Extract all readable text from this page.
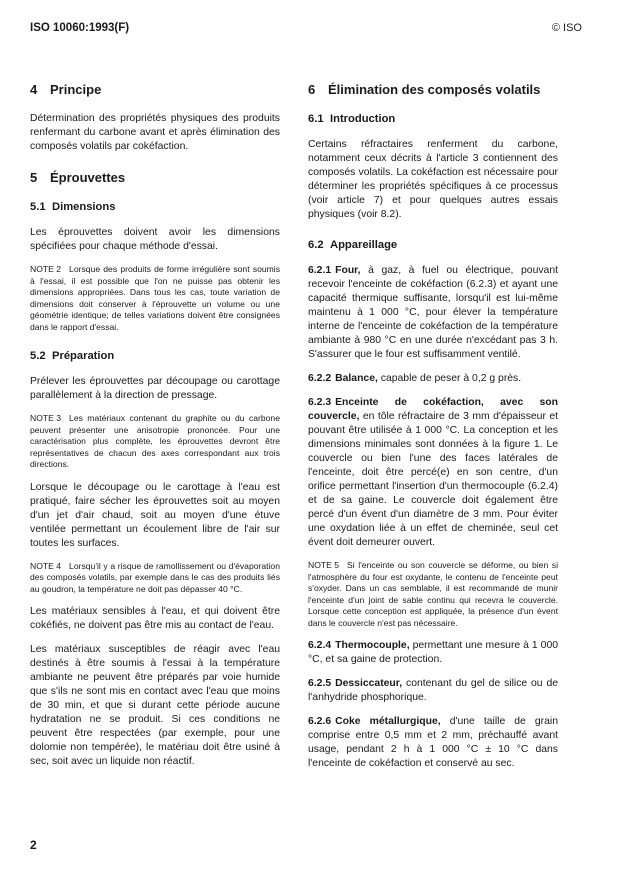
ISO 10060:1993(F)	© ISO
4 Principe

Détermination des propriétés physiques des produits renfermant du carbone avant et après élimination des composés volatils par cokéfaction.

5 Éprouvettes
5.1 Dimensions

Les éprouvettes doivent avoir les dimensions spécifiées pour chaque méthode d'essai.

NOTE 2 Lorsque des produits de forme irrégulière sont soumis à l'essai, il est possible que l'on ne puisse pas obtenir les dimensions appropriées. Dans tous les cas, toute variation de dimensions doit conserver à l'éprouvette un volume ou une géométrie identique; de telles variations doivent être consignées dans le rapport d'essai.
5.2 Préparation

Prélever les éprouvettes par découpage ou carottage parallèlement à la direction de pressage.

NOTE 3 Les matériaux contenant du graphite ou du carbone peuvent présenter une anisotropie prononcée. Pour une caractérisation plus complète, les éprouvettes devront être représentatives de chacun des axes correspondant aux trois directions.

Lorsque le découpage ou le carottage à l'eau est pratiqué, faire sécher les éprouvettes soit au moyen d'un jet d'air chaud, soit au moyen d'une étuve ventilée permettant un écoulement libre de l'air sur toutes les surfaces.

NOTE 4 Lorsqu'il y a risque de ramollissement ou d'évaporation des composés volatils, par exemple dans le cas des produits liés au goudron, la température ne doit pas dépasser 40 °C.

Les matériaux sensibles à l'eau, et qui doivent être cokéfiés, ne doivent pas être mis au contact de l'eau.

Les matériaux susceptibles de réagir avec l'eau destinés à être soumis à l'essai à la température ambiante ne peuvent être préparés par voie humide que s'ils ne sont mis en contact avec l'eau que moins de 30 min, et que si durant cette période aucune hydratation ne se produit. Si ces conditions ne peuvent être respectées (par exemple, pour une dolomie non tempérée), le matériau doit être usiné à sec, soit avec un liquide non réactif.

6 Élimination des composés volatils
6.1 Introduction

Certains réfractaires renferment du carbone, notamment ceux décrits à l'article 3 contiennent des composés volatils. La cokéfaction est nécessaire pour déterminer les propriétés spécifiques à ce processus (voir article 7) et pour quelques autres essais physiques (voir 8.2).

6.2 Appareillage

6.2.1 Four, à gaz, à fuel ou électrique, pouvant recevoir l'enceinte de cokéfaction (6.2.3) et ayant une capacité thermique suffisante, lorsqu'il est lui-même maintenu à 1 000 °C, pour élever la température interne de l'enceinte de cokéfaction de la température ambiante à 980 °C en une durée n'excédant pas 3 h. S'assurer que le four est suffisamment ventilé.

6.2.2 Balance, capable de peser à 0,2 g près.

6.2.3 Enceinte de cokéfaction, avec son couvercle, en tôle réfractaire de 3 mm d'épaisseur et pouvant être utilisée à 1 000 °C. La conception et les dimensions minimales sont données à la figure 1. Le couvercle ou bien l'une des faces latérales de l'enceinte, doit être percé(e) en son centre, d'un orifice permettant l'insertion d'un thermocouple (6.2.4) et de sa gaine. Le couvercle doit également être percé d'un évent d'un diamètre de 3 mm. Pour éviter une oxydation liée à un effet de cheminée, seul cet évent doit demeurer ouvert.

NOTE 5 Si l'enceinte ou son couvercle se déforme, ou bien si l'atmosphère du four est oxydante, le contenu de l'enceinte peut s'oxyder. Dans un cas semblable, il est recommandé de munir l'enceinte d'un joint de sable continu qui recevra le couvercle. Lorsque cette conception est appliquée, la présence d'un évent dans le couvercle n'est pas nécessaire.

6.2.4 Thermocouple, permettant une mesure à 1 000 °C, et sa gaine de protection.

6.2.5 Dessiccateur, contenant du gel de silice ou de l'anhydride phosphorique.

6.2.6 Coke métallurgique, d'une taille de grain comprise entre 0,5 mm et 2 mm, préchauffé avant usage, pendant 2 h à 1 000 °C ± 10 °C dans l'enceinte de cokéfaction et conservé au sec.

2
